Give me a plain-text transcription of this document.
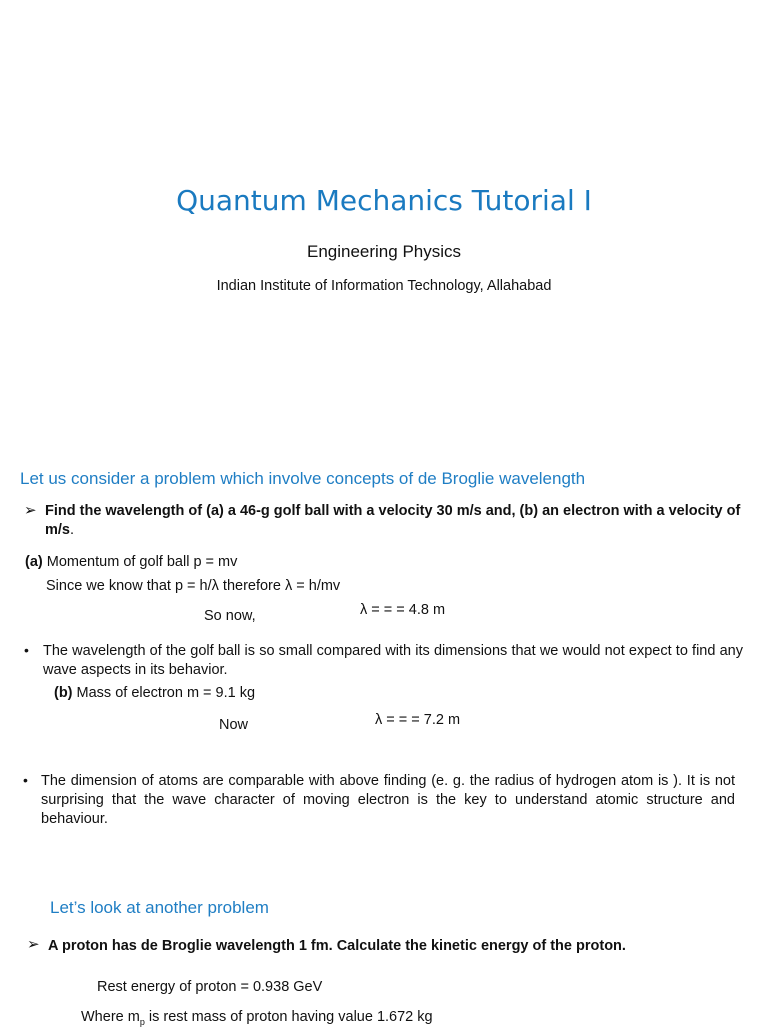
Quantum Mechanics Tutorial I
Engineering Physics
Indian Institute of Information Technology, Allahabad
Let us consider a problem which involve concepts of de Broglie wavelength
➢ Find the wavelength of (a) a 46-g golf ball with a velocity 30 m/s and, (b) an electron with a velocity of
m/s.
(a) Momentum of golf ball p = mv
Since we know that p = h/λ therefore λ = h/mv
So now,	λ = = = 4.8 m
• The wavelength of the golf ball is so small compared with its dimensions that we would not expect to find any wave aspects in its behavior.
(b) Mass of electron m = 9.1 kg
Now	λ = = = 7.2 m
• The dimension of atoms are comparable with above finding (e. g. the radius of hydrogen atom is ). It is not surprising that the wave character of moving electron is the key to understand atomic structure and behaviour.
Let’s look at another problem
➢ A proton has de Broglie wavelength 1 fm. Calculate the kinetic energy of the proton.
Rest energy of proton = 0.938 GeV
Where $m_p$ is rest mass of proton having value 1.672 kg
